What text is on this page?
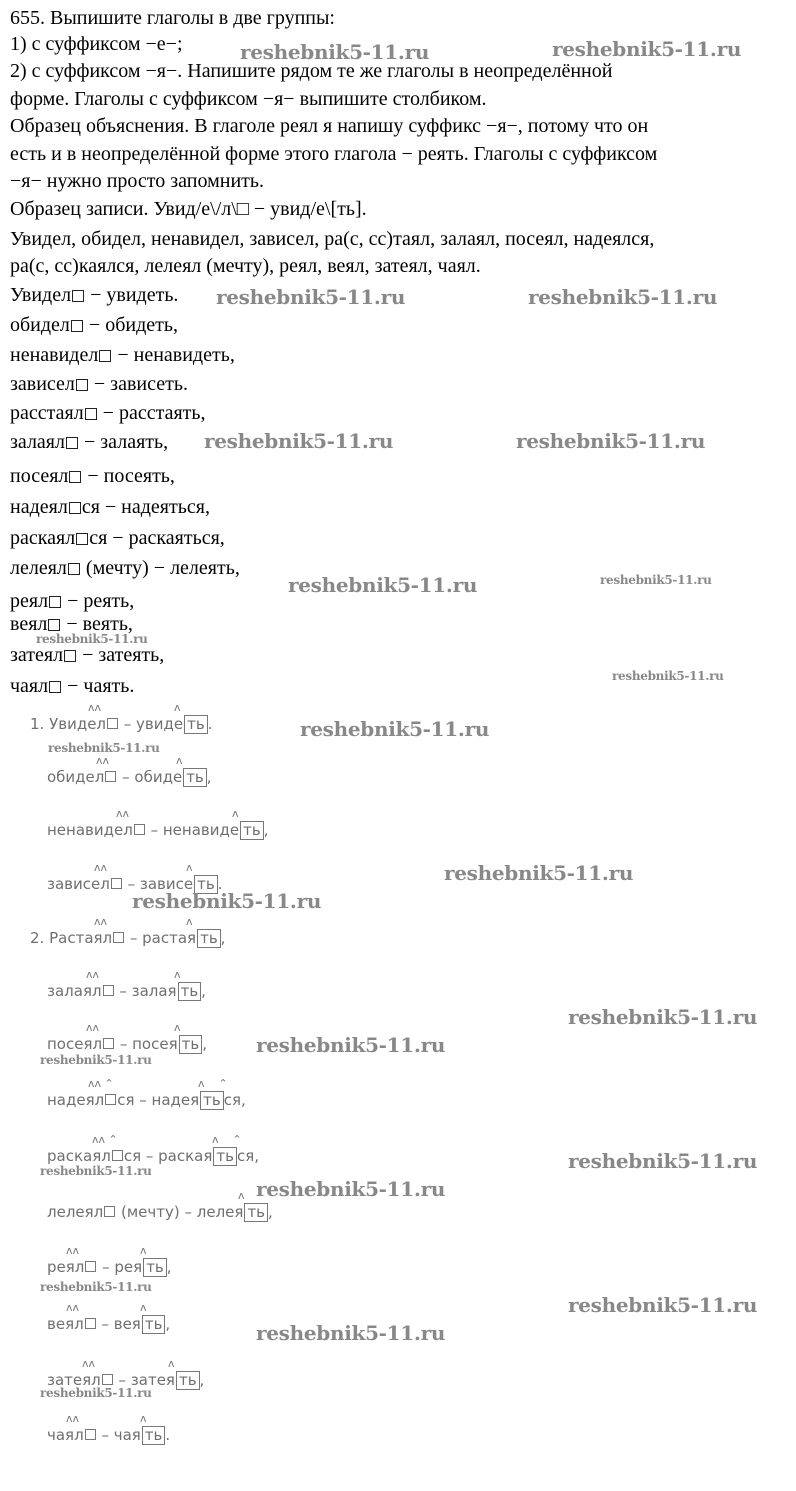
655. Выпишите глаголы в две группы:
1) с суффиксом −е−;
2) с суффиксом −я−. Напишите рядом те же глаголы в неопределённой
форме. Глаголы с суффиксом −я− выпишите столбиком.
Образец объяснения. В глаголе реял я напишу суффикс −я−, потому что он
есть и в неопределённой форме этого глагола − реять. Глаголы с суффиксом
−я− нужно просто запомнить.
Образец записи. Увид/е\/л\□ − увид/е\[ть].
Увидел, обидел, ненавидел, зависел, ра(с, сс)таял, залаял, посеял, надеялся,
ра(с, сс)каялся, лелеял (мечту), реял, веял, затеял, чаял.
Увидел − увидеть.
обидел − обидеть,
ненавидел − ненавидеть,
зависел − зависеть.
расстаял − расстаять,
залаял − залаять,
посеял − посеять,
надеял ся − надеяться,
раскаял ся − раскаяться,
лелеял (мечту) − лелеять,
реял − реять,
веял − веять,
затеял − затеять,
чаял − чаять.
1. Увидел – увиде ть .
обидел – обиде ть ,
ненавидел – ненавиде ть ,
зависел – зависе ть .
2. Растаял – растая ть ,
залаял – залая ть ,
посеял – посея ть ,
надеял ся – надея ть ся,
раскаял ся – раская ть ся,
лелеял (мечту) – лелея ть ,
реял – рея ть ,
веял – вея ть ,
затеял – затея ть ,
чаял – чая ть .
ʌʌ	ʌ
ʌʌ	ʌ
ʌʌ	ʌ
ʌʌ	ʌ
ʌʌ	ʌ
ʌʌ	ʌ
ʌʌ	ʌ
ʌʌ ⌃	ʌ    ⌃
ʌʌ ⌃	ʌ    ⌃
ʌ
ʌʌ	ʌ
ʌʌ	ʌ
ʌʌ	ʌ
ʌʌ	ʌ
reshebnik5-11.ru	reshebnik5-11.ru
reshebnik5-11.ru	reshebnik5-11.ru
reshebnik5-11.ru	reshebnik5-11.ru
reshebnik5-11.ru	reshebnik5-11.ru
reshebnik5-11.ru
reshebnik5-11.ru
reshebnik5-11.ru
reshebnik5-11.ru
reshebnik5-11.ru
reshebnik5-11.ru
reshebnik5-11.ru
reshebnik5-11.ru
reshebnik5-11.ru
reshebnik5-11.ru	reshebnik5-11.ru
reshebnik5-11.ru
reshebnik5-11.ru
reshebnik5-11.ru
reshebnik5-11.ru
reshebnik5-11.ru
